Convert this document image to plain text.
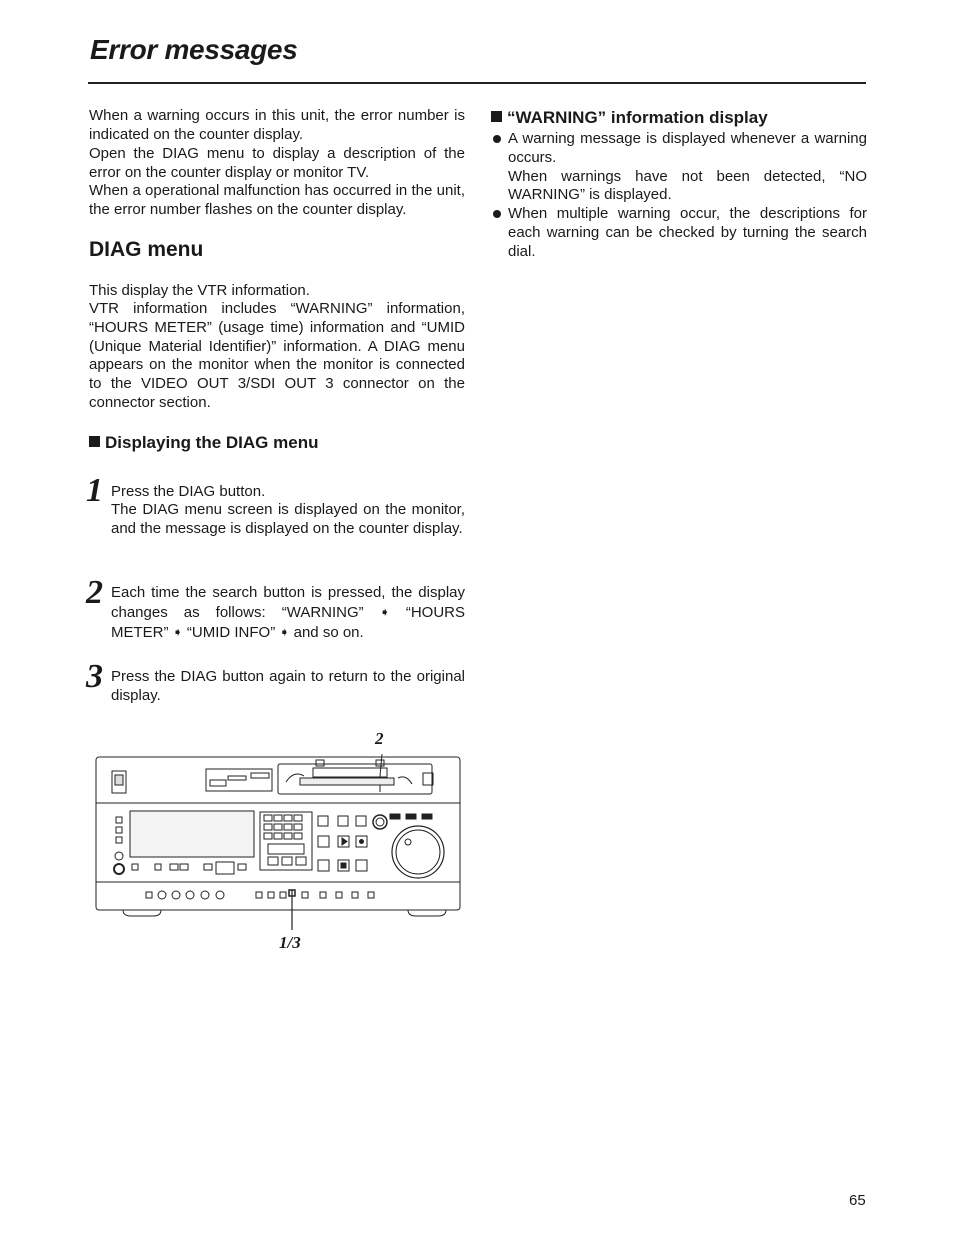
Error messages

When a warning occurs in this unit, the error number is indicated on the counter display.

Open the DIAG menu to display a description of the error on the counter display or monitor TV.

When a operational malfunction has occurred in the unit, the error number flashes on the counter display.

DIAG menu

This display the VTR information.

VTR information includes “WARNING” information, “HOURS METER” (usage time) information and “UMID (Unique Material Identifier)” information. A DIAG menu appears on the monitor when the monitor is connected to the VIDEO OUT 3/SDI OUT 3 connector on the connector section.

Displaying the DIAG menu
1 Press the DIAG button.

The DIAG menu screen is displayed on the monitor, and the message is displayed on the counter display.

2 Each time the search button is pressed, the display changes as follows: “WARNING” ➧ “HOURS METER” ➧ “UMID INFO” ➧ and so on.

3 Press the DIAG button again to return to the original display.

2
1/3
“WARNING” information display
A warning message is displayed whenever a warning occurs.
When warnings have not been detected, “NO WARNING” is displayed.
When multiple warning occur, the descriptions for each warning can be checked by turning the search dial.
65
